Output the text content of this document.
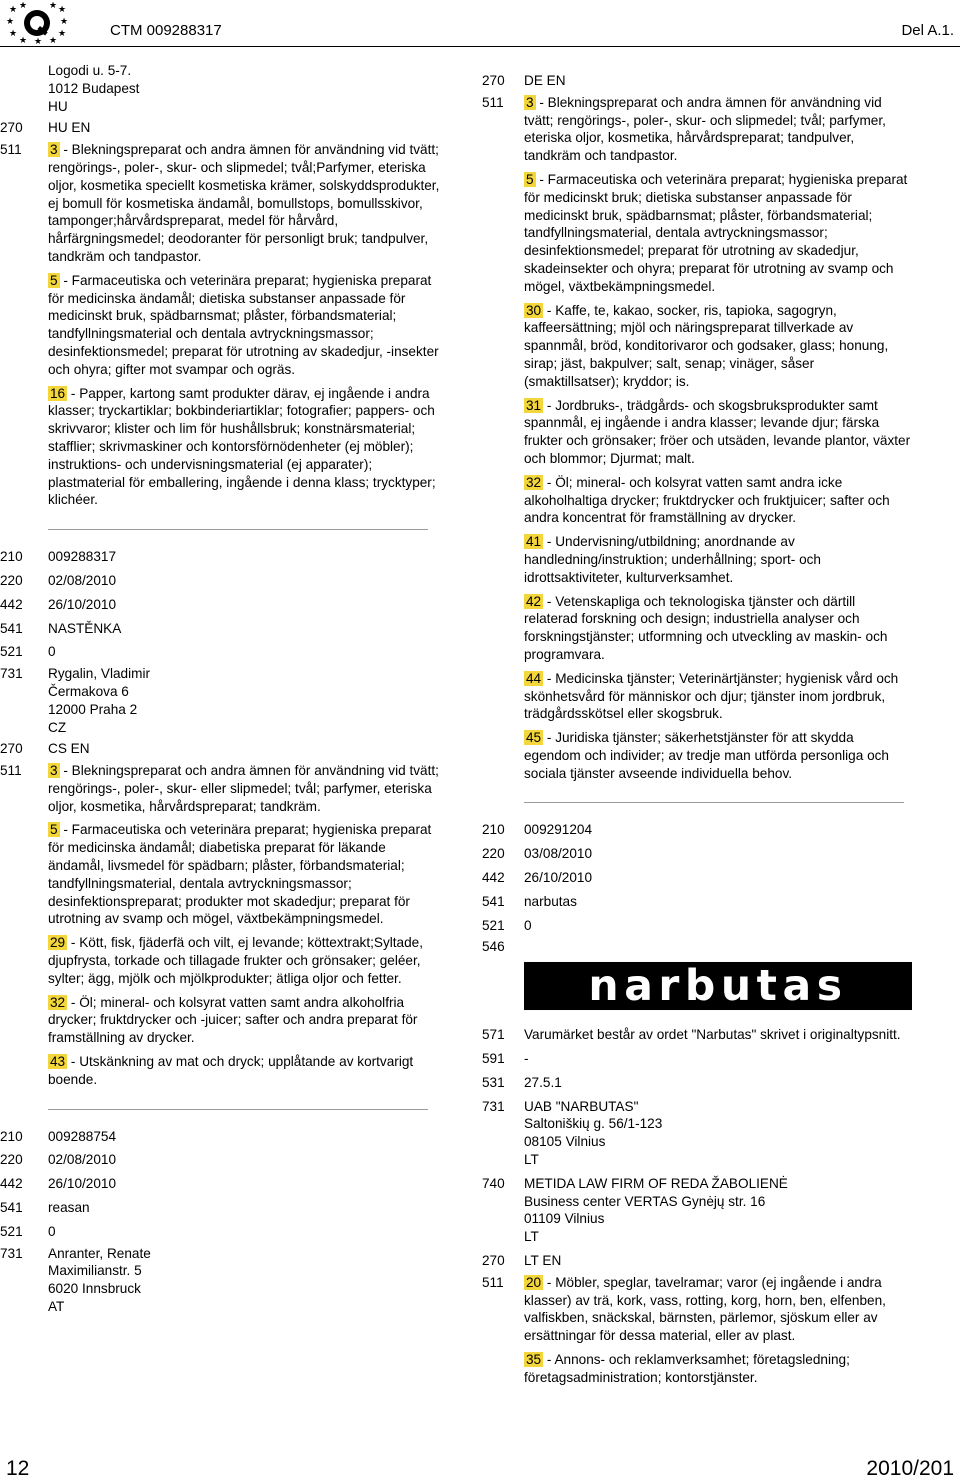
★ ★ ★ ★
★	★
★	★
★ ★
★
CTM 009288317	Del A.1.
Logodi u. 5-7.
1012 Budapest
HU
270	HU EN
511	3 - Blekningspreparat och andra ämnen för användning vid tvätt; rengörings-, poler-, skur- och slipmedel; tvål;Parfymer, eteriska oljor, kosmetika speciellt kosmetiska krämer, solskyddsprodukter, ej bomull för kosmetiska ändamål, bomullstops, bomullsskivor, tamponger;hårvårdspreparat, medel för hårvård, hårfärgningsmedel; deodoranter för personligt bruk; tandpulver, tandkräm och tandpastor.

5 - Farmaceutiska och veterinära preparat; hygieniska preparat för medicinska ändamål; dietiska substanser anpassade för medicinskt bruk, spädbarnsmat; plåster, förbandsmaterial; tandfyllningsmaterial och dentala avtryckningsmassor; desinfektionsmedel; preparat för utrotning av skadedjur, -insekter och ohyra; gifter mot svampar och ogräs.

16 - Papper, kartong samt produkter därav, ej ingående i andra klasser; tryckartiklar; bokbinderiartiklar; fotografier; pappers- och skrivvaror; klister och lim för hushållsbruk; konstnärsmaterial; stafflier; skrivmaskiner och kontorsförnödenheter (ej möbler); instruktions- och undervisningsmaterial (ej apparater); plastmaterial för emballering, ingående i denna klass; trycktyper; klichéer.

210	009288317
220	02/08/2010
442	26/10/2010
541	NASTĚNKA
521	0
731	Rygalin, Vladimir
Čermakova 6
12000 Praha 2
CZ
270	CS EN
511	3 - Blekningspreparat och andra ämnen för användning vid tvätt; rengörings-, poler-, skur- eller slipmedel; tvål; parfymer, eteriska oljor, kosmetika, hårvårdspreparat; tandkräm.

5 - Farmaceutiska och veterinära preparat; hygieniska preparat för medicinska ändamål; diabetiska preparat för läkande ändamål, livsmedel för spädbarn; plåster, förbandsmaterial; tandfyllningsmaterial, dentala avtryckningsmassor; desinfektionspreparat; produkter mot skadedjur; preparat för utrotning av svamp och mögel, växtbekämpningsmedel.

29 - Kött, fisk, fjäderfä och vilt, ej levande; köttextrakt;Syltade, djupfrysta, torkade och tillagade frukter och grönsaker; geléer, sylter; ägg, mjölk och mjölkprodukter; ätliga oljor och fetter.

32 - Öl; mineral- och kolsyrat vatten samt andra alkoholfria drycker; fruktdrycker och -juicer; safter och andra preparat för framställning av drycker.

43 - Utskänkning av mat och dryck; upplåtande av kortvarigt boende.

210	009288754
220	02/08/2010
442	26/10/2010
541	reasan
521	0
731	Anranter, Renate
Maximilianstr. 5
6020 Innsbruck
AT
270	DE EN
511	3 - Blekningspreparat och andra ämnen för användning vid tvätt; rengörings-, poler-, skur- och slipmedel; tvål; parfymer, eteriska oljor, kosmetika, hårvårdspreparat; tandpulver, tandkräm och tandpastor.

5 - Farmaceutiska och veterinära preparat; hygieniska preparat för medicinskt bruk; dietiska substanser anpassade för medicinskt bruk, spädbarnsmat; plåster, förbandsmaterial; tandfyllningsmaterial, dentala avtryckningsmassor; desinfektionsmedel; preparat för utrotning av skadedjur, skadeinsekter och ohyra; preparat för utrotning av svamp och mögel, växtbekämpningsmedel.

30 - Kaffe, te, kakao, socker, ris, tapioka, sagogryn, kaffeersättning; mjöl och näringspreparat tillverkade av spannmål, bröd, konditorivaror och godsaker, glass; honung, sirap; jäst, bakpulver; salt, senap; vinäger, såser (smaktillsatser); kryddor; is.

31 - Jordbruks-, trädgårds- och skogsbruksprodukter samt spannmål, ej ingående i andra klasser; levande djur; färska frukter och grönsaker; fröer och utsäden, levande plantor, växter och blommor; Djurmat; malt.

32 - Öl; mineral- och kolsyrat vatten samt andra icke alkoholhaltiga drycker; fruktdrycker och fruktjuicer; safter och andra koncentrat för framställning av drycker.

41 - Undervisning/utbildning; anordnande av handledning/instruktion; underhållning; sport- och idrottsaktiviteter, kulturverksamhet.

42 - Vetenskapliga och teknologiska tjänster och därtill relaterad forskning och design; industriella analyser och forskningstjänster; utformning och utveckling av maskin- och programvara.

44 - Medicinska tjänster; Veterinärtjänster; hygienisk vård och skönhetsvård för människor och djur; tjänster inom jordbruk, trädgårdsskötsel eller skogsbruk.

45 - Juridiska tjänster; säkerhetstjänster för att skydda egendom och individer; av tredje man utförda personliga och sociala tjänster avseende individuella behov.

210	009291204
220	03/08/2010
442	26/10/2010
541	narbutas
521	0
546
narbutas
571	Varumärket består av ordet "Narbutas" skrivet i originaltypsnitt.
591	-
531	27.5.1
731	UAB "NARBUTAS"
Saltoniškių g. 56/1-123
08105 Vilnius
LT
740	METIDA LAW FIRM OF REDA ŽABOLIENĖ
Business center VERTAS Gynėjų str. 16
01109 Vilnius
LT
270	LT EN
511	20 - Möbler, speglar, tavelramar; varor (ej ingående i andra klasser) av trä, kork, vass, rotting, korg, horn, ben, elfenben, valfiskben, snäckskal, bärnsten, pärlemor, sjöskum eller av ersättningar för dessa material, eller av plast.

35 - Annons- och reklamverksamhet; företagsledning; företagsadministration; kontorstjänster.

12	2010/201
